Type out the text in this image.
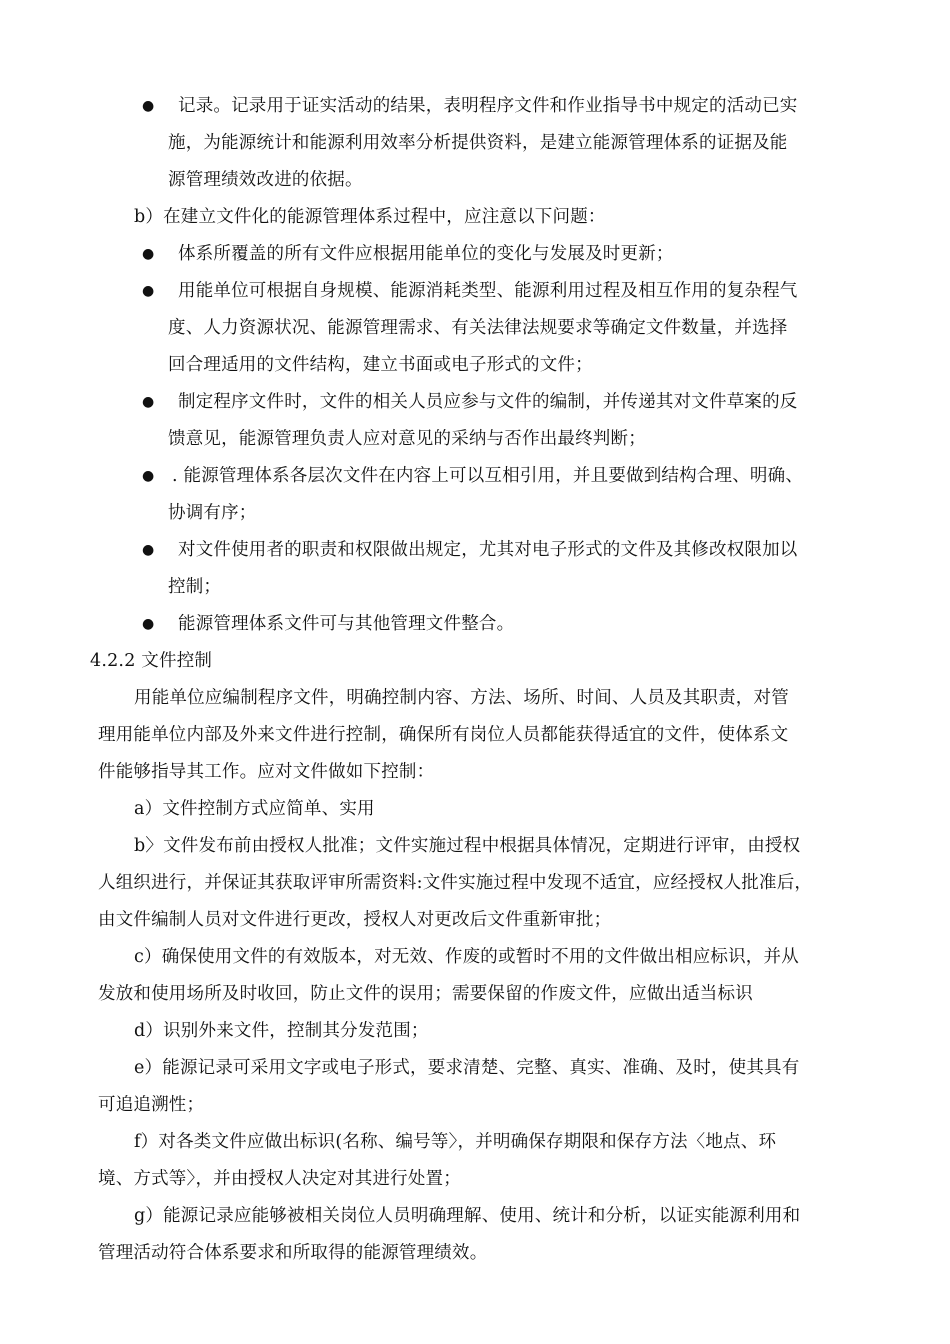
● 记录。记录用于证实活动的结果，表明程序文件和作业指导书中规定的活动已实
施，为能源统计和能源利用效率分析提供资料，是建立能源管理体系的证据及能
源管理绩效改进的依据。
b）在建立文件化的能源管理体系过程中，应注意以下问题：
● 体系所覆盖的所有文件应根据用能单位的变化与发展及时更新；
● 用能单位可根据自身规模、能源消耗类型、能源利用过程及相互作用的复杂程气
度、人力资源状况、能源管理需求、有关法律法规要求等确定文件数量，并选择
回合理适用的文件结构，建立书面或电子形式的文件；
● 制定程序文件时，文件的相关人员应参与文件的编制，并传递其对文件草案的反
馈意见，能源管理负责人应对意见的采纳与否作出最终判断；
● . 能源管理体系各层次文件在内容上可以互相引用，并且要做到结构合理、明确、
协调有序；
● 对文件使用者的职责和权限做出规定，尤其对电子形式的文件及其修改权限加以
控制；
● 能源管理体系文件可与其他管理文件整合。
4.2.2 文件控制
用能单位应编制程序文件，明确控制内容、方法、场所、时间、人员及其职责，对管
理用能单位内部及外来文件进行控制，确保所有岗位人员都能获得适宜的文件，使体系文
件能够指导其工作。应对文件做如下控制：
a）文件控制方式应简单、实用
b〉文件发布前由授权人批准；文件实施过程中根据具体情况，定期进行评审，由授权
人组织进行，并保证其获取评审所需资料:文件实施过程中发现不适宜，应经授权人批准后，
由文件编制人员对文件进行更改，授权人对更改后文件重新审批；
c）确保使用文件的有效版本，对无效、作废的或暂时不用的文件做出相应标识，并从
发放和使用场所及时收回，防止文件的误用；需要保留的作废文件，应做出适当标识
d）识别外来文件，控制其分发范围；
e）能源记录可采用文字或电子形式，要求清楚、完整、真实、准确、及时，使其具有
可追追溯性；
f）对各类文件应做出标识(名称、编号等〉，并明确保存期限和保存方法〈地点、环
境、方式等〉，并由授权人决定对其进行处置；
g）能源记录应能够被相关岗位人员明确理解、使用、统计和分析，以证实能源利用和
管理活动符合体系要求和所取得的能源管理绩效。
